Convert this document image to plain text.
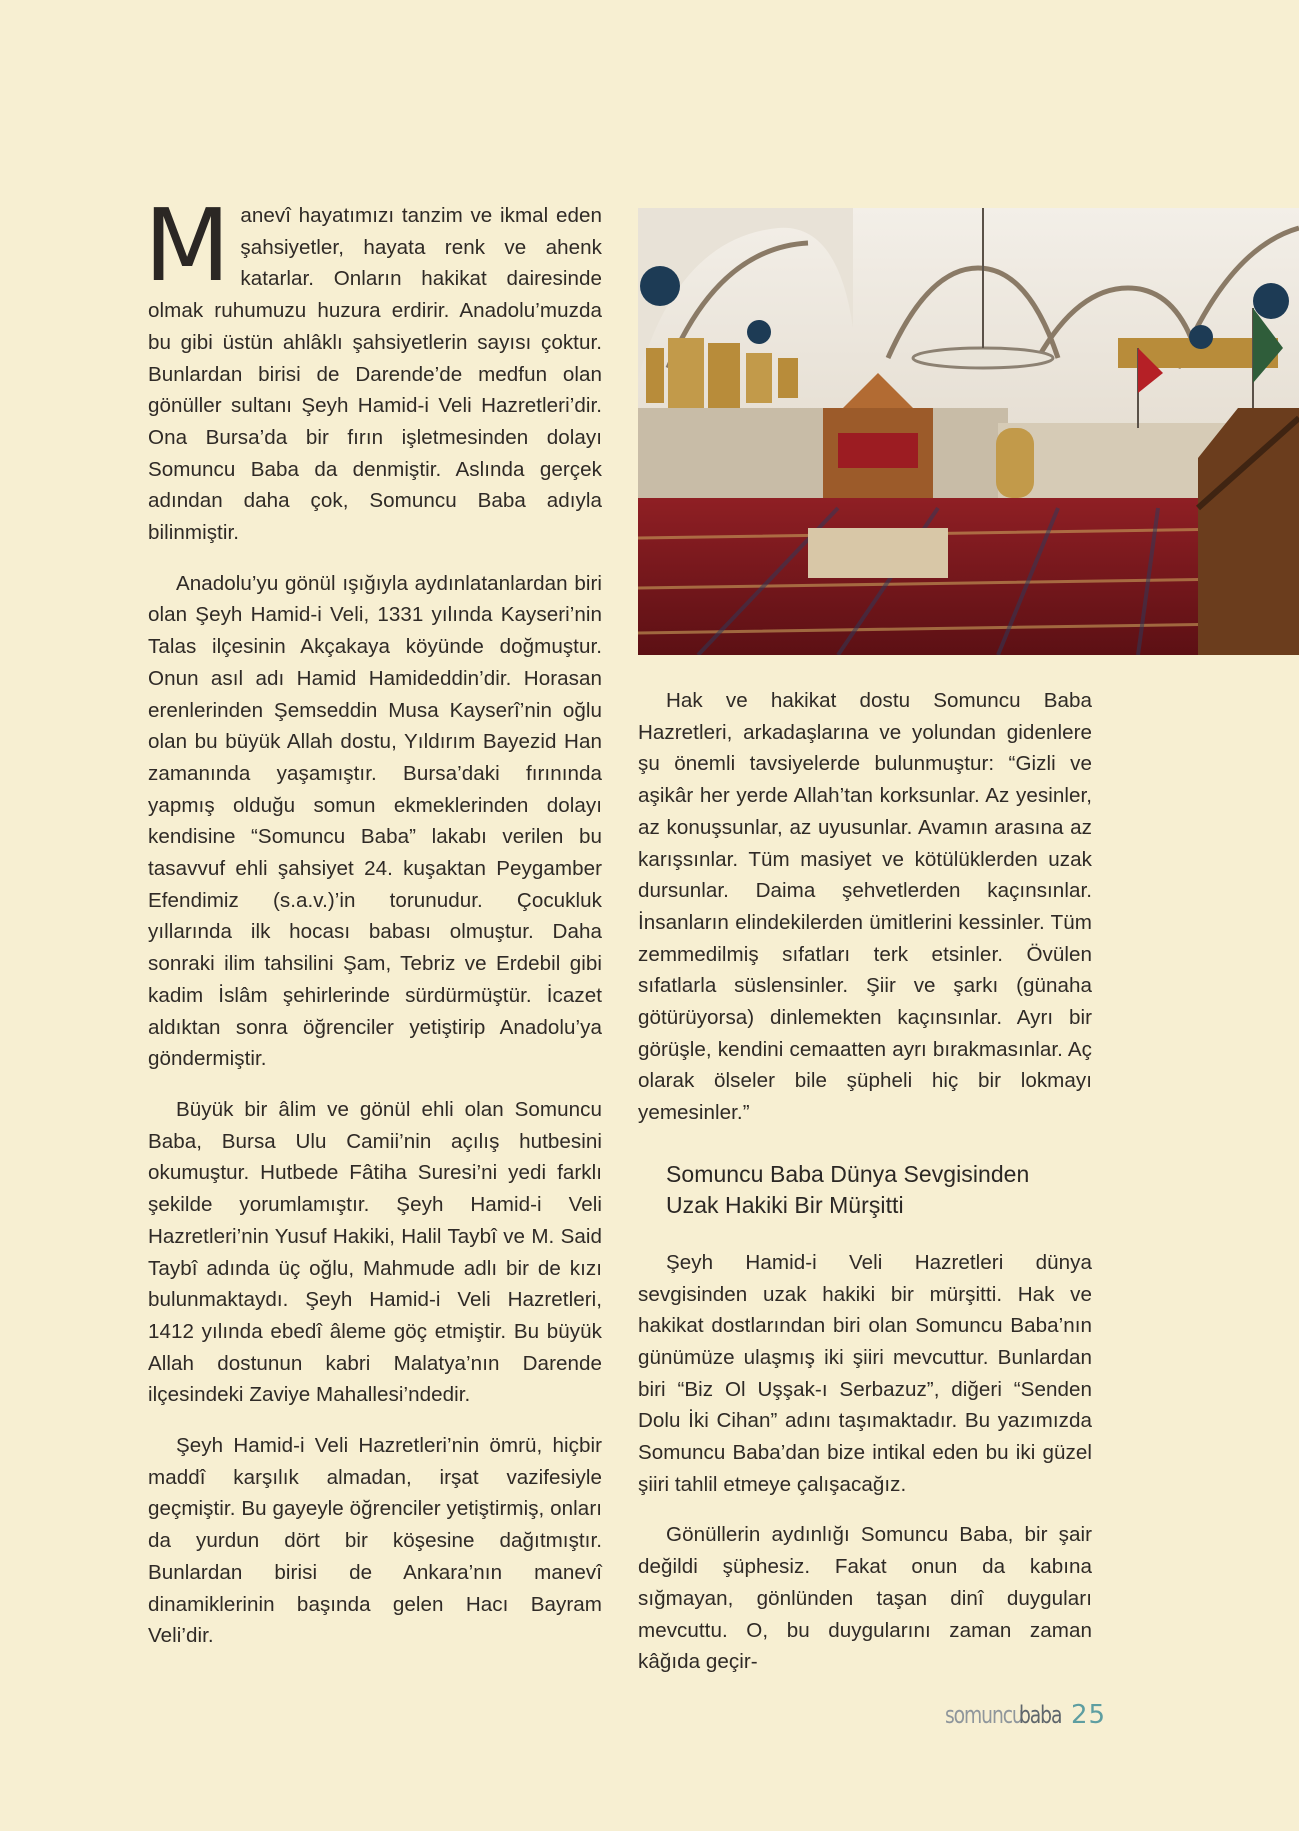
Manevî hayatımızı tanzim ve ikmal eden şahsiyetler, hayata renk ve ahenk katarlar. Onların hakikat dairesinde olmak ruhumuzu huzura erdirir. Anadolu’muzda bu gibi üstün ahlâklı şahsiyetlerin sayısı çoktur. Bunlardan birisi de Darende’de medfun olan gönüller sultanı Şeyh Hamid-i Veli Hazretleri’dir. Ona Bursa’da bir fırın işletmesinden dolayı Somuncu Baba da denmiştir. Aslında gerçek adından daha çok, Somuncu Baba adıyla bilinmiştir.

Anadolu’yu gönül ışığıyla aydınlatanlardan biri olan Şeyh Hamid-i Veli, 1331 yılında Kayseri’nin Talas ilçesinin Akçakaya köyünde doğmuştur. Onun asıl adı Hamid Hamideddin’dir. Horasan erenlerinden Şemseddin Musa Kayserî’nin oğlu olan bu büyük Allah dostu, Yıldırım Bayezid Han zamanında yaşamıştır. Bursa’daki fırınında yapmış olduğu somun ekmeklerinden dolayı kendisine “Somuncu Baba” lakabı verilen bu tasavvuf ehli şahsiyet 24. kuşaktan Peygamber Efendimiz (s.a.v.)’in torunudur. Çocukluk yıllarında ilk hocası babası olmuştur. Daha sonraki ilim tahsilini Şam, Tebriz ve Erdebil gibi kadim İslâm şehirlerinde sürdürmüştür. İcazet aldıktan sonra öğrenciler yetiştirip Anadolu’ya göndermiştir.

Büyük bir âlim ve gönül ehli olan Somuncu Baba, Bursa Ulu Camii’nin açılış hutbesini okumuştur. Hutbede Fâtiha Suresi’ni yedi farklı şekilde yorumlamıştır. Şeyh Hamid-i Veli Hazretleri’nin Yusuf Hakiki, Halil Taybî ve M. Said Taybî adında üç oğlu, Mahmude adlı bir de kızı bulunmaktaydı. Şeyh Hamid-i Veli Hazretleri, 1412 yılında ebedî âleme göç etmiştir. Bu büyük Allah dostunun kabri Malatya’nın Darende ilçesindeki Zaviye Mahallesi’ndedir.

Şeyh Hamid-i Veli Hazretleri’nin ömrü, hiçbir maddî karşılık almadan, irşat vazifesiyle geçmiştir. Bu gayeyle öğrenciler yetiştirmiş, onları da yurdun dört bir köşesine dağıtmıştır. Bunlardan birisi de Ankara’nın manevî dinamiklerinin başında gelen Hacı Bayram Veli’dir.

Hak ve hakikat dostu Somuncu Baba Hazretleri, arkadaşlarına ve yolundan gidenlere şu önemli tavsiyelerde bulunmuştur: “Gizli ve aşikâr her yerde Allah’tan korksunlar. Az yesinler, az konuşsunlar, az uyusunlar. Avamın arasına az karışsınlar. Tüm masiyet ve kötülüklerden uzak dursunlar. Daima şehvetlerden kaçınsınlar. İnsanların elindekilerden ümitlerini kessinler. Tüm zemmedilmiş sıfatları terk etsinler. Övülen sıfatlarla süslensinler. Şiir ve şarkı (günaha götürüyorsa) dinlemekten kaçınsınlar. Ayrı bir görüşle, kendini cemaatten ayrı bırakmasınlar. Aç olarak ölseler bile şüpheli hiç bir lokmayı yemesinler.”

Somuncu Baba Dünya Sevgisinden
Uzak Hakiki Bir Mürşitti

Şeyh Hamid-i Veli Hazretleri dünya sevgisinden uzak hakiki bir mürşitti. Hak ve hakikat dostlarından biri olan Somuncu Baba’nın günümüze ulaşmış iki şiiri mevcuttur. Bunlardan biri “Biz Ol Uşşak-ı Serbazuz”, diğeri “Senden Dolu İki Cihan” adını taşımaktadır. Bu yazımızda Somuncu Baba’dan bize intikal eden bu iki güzel şiiri tahlil etmeye çalışacağız.

Gönüllerin aydınlığı Somuncu Baba, bir şair değildi şüphesiz. Fakat onun da kabına sığmayan, gönlünden taşan dinî duyguları mevcuttu. O, bu duygularını zaman zaman kâğıda geçir-

somuncu
baba 25
